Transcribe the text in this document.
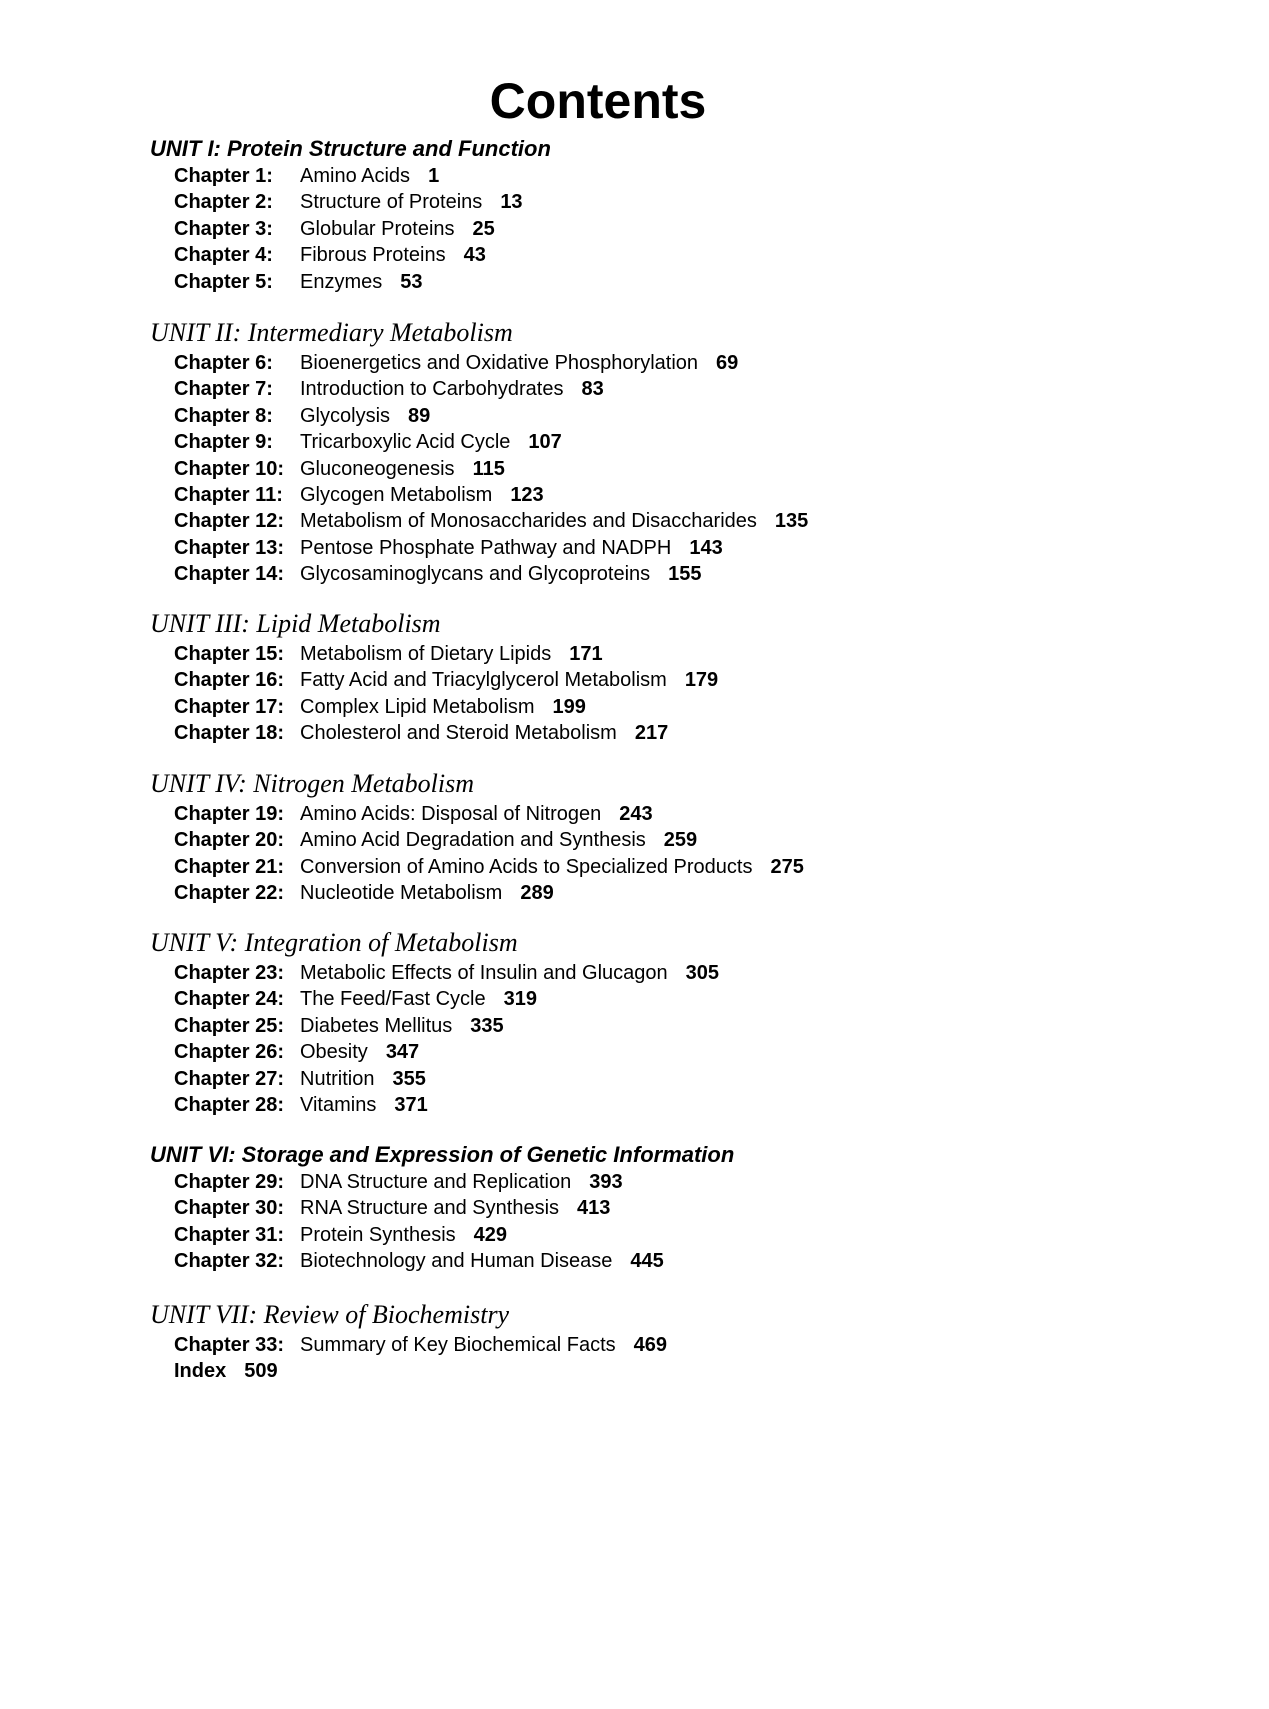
Contents
UNIT I: Protein Structure and Function
Chapter 1: Amino Acids 1
Chapter 2: Structure of Proteins 13
Chapter 3: Globular Proteins 25
Chapter 4: Fibrous Proteins 43
Chapter 5: Enzymes 53
UNIT II: Intermediary Metabolism
Chapter 6: Bioenergetics and Oxidative Phosphorylation 69
Chapter 7: Introduction to Carbohydrates 83
Chapter 8: Glycolysis 89
Chapter 9: Tricarboxylic Acid Cycle 107
Chapter 10: Gluconeogenesis 115
Chapter 11: Glycogen Metabolism 123
Chapter 12: Metabolism of Monosaccharides and Disaccharides 135
Chapter 13: Pentose Phosphate Pathway and NADPH 143
Chapter 14: Glycosaminoglycans and Glycoproteins 155
UNIT III: Lipid Metabolism
Chapter 15: Metabolism of Dietary Lipids 171
Chapter 16: Fatty Acid and Triacylglycerol Metabolism 179
Chapter 17: Complex Lipid Metabolism 199
Chapter 18: Cholesterol and Steroid Metabolism 217
UNIT IV: Nitrogen Metabolism
Chapter 19: Amino Acids: Disposal of Nitrogen 243
Chapter 20: Amino Acid Degradation and Synthesis 259
Chapter 21: Conversion of Amino Acids to Specialized Products 275
Chapter 22: Nucleotide Metabolism 289
UNIT V: Integration of Metabolism
Chapter 23: Metabolic Effects of Insulin and Glucagon 305
Chapter 24: The Feed/Fast Cycle 319
Chapter 25: Diabetes Mellitus 335
Chapter 26: Obesity 347
Chapter 27: Nutrition 355
Chapter 28: Vitamins 371
UNIT VI: Storage and Expression of Genetic Information
Chapter 29: DNA Structure and Replication 393
Chapter 30: RNA Structure and Synthesis 413
Chapter 31: Protein Synthesis 429
Chapter 32: Biotechnology and Human Disease 445
UNIT VII: Review of Biochemistry
Chapter 33: Summary of Key Biochemical Facts 469
Index 509
